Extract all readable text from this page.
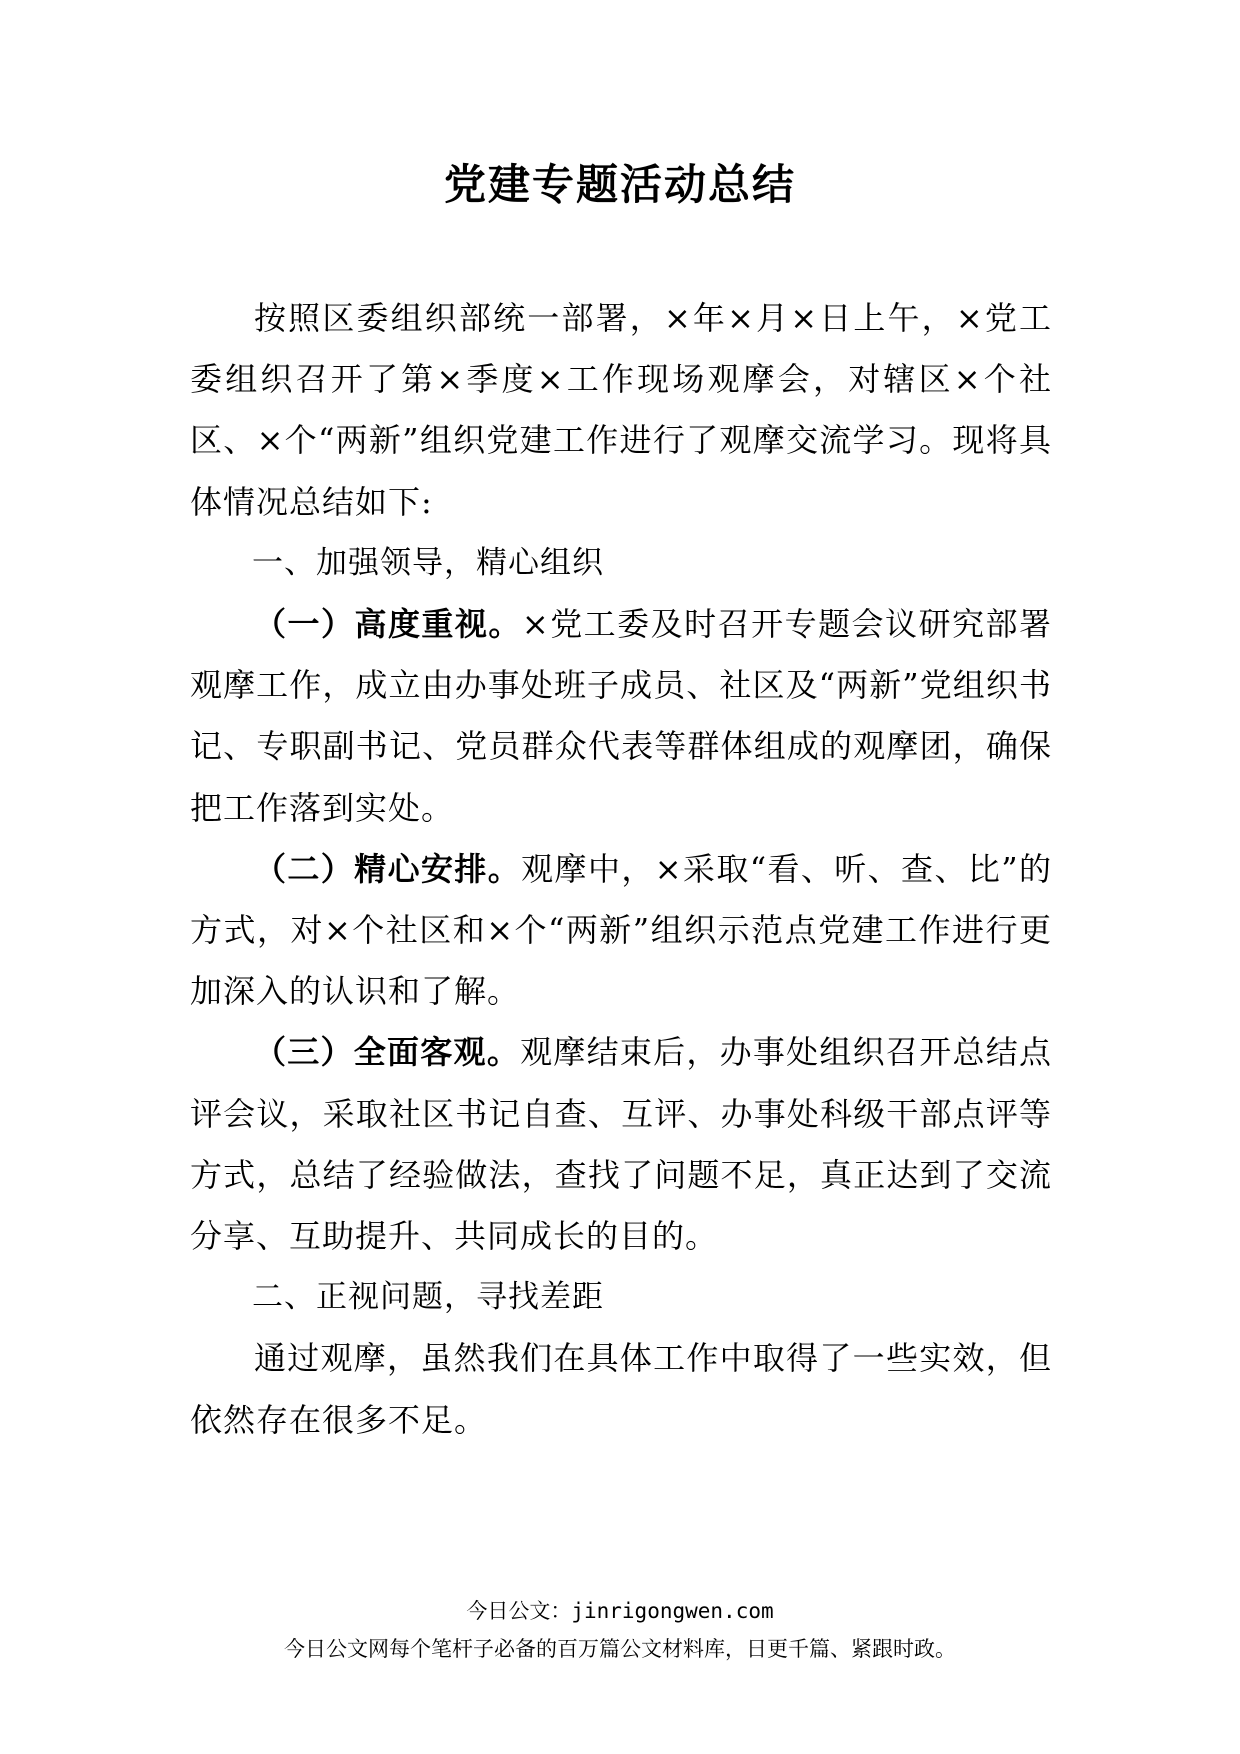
党建专题活动总结

按照区委组织部统一部署，×年×月×日上午，×党工委组织召开了第×季度×工作现场观摩会，对辖区×个社区、×个“两新”组织党建工作进行了观摩交流学习。现将具体情况总结如下:

一、加强领导，精心组织

（一）高度重视。×党工委及时召开专题会议研究部署观摩工作，成立由办事处班子成员、社区及“两新”党组织书记、专职副书记、党员群众代表等群体组成的观摩团，确保把工作落到实处。

（二）精心安排。观摩中，×采取“看、听、查、比”的方式，对×个社区和×个“两新”组织示范点党建工作进行更加深入的认识和了解。

（三）全面客观。观摩结束后，办事处组织召开总结点评会议，采取社区书记自查、互评、办事处科级干部点评等方式，总结了经验做法，查找了问题不足，真正达到了交流分享、互助提升、共同成长的目的。

二、正视问题，寻找差距

通过观摩，虽然我们在具体工作中取得了一些实效，但依然存在很多不足。

今日公文：jinrigongwen.com
今日公文网每个笔杆子必备的百万篇公文材料库，日更千篇、紧跟时政。
